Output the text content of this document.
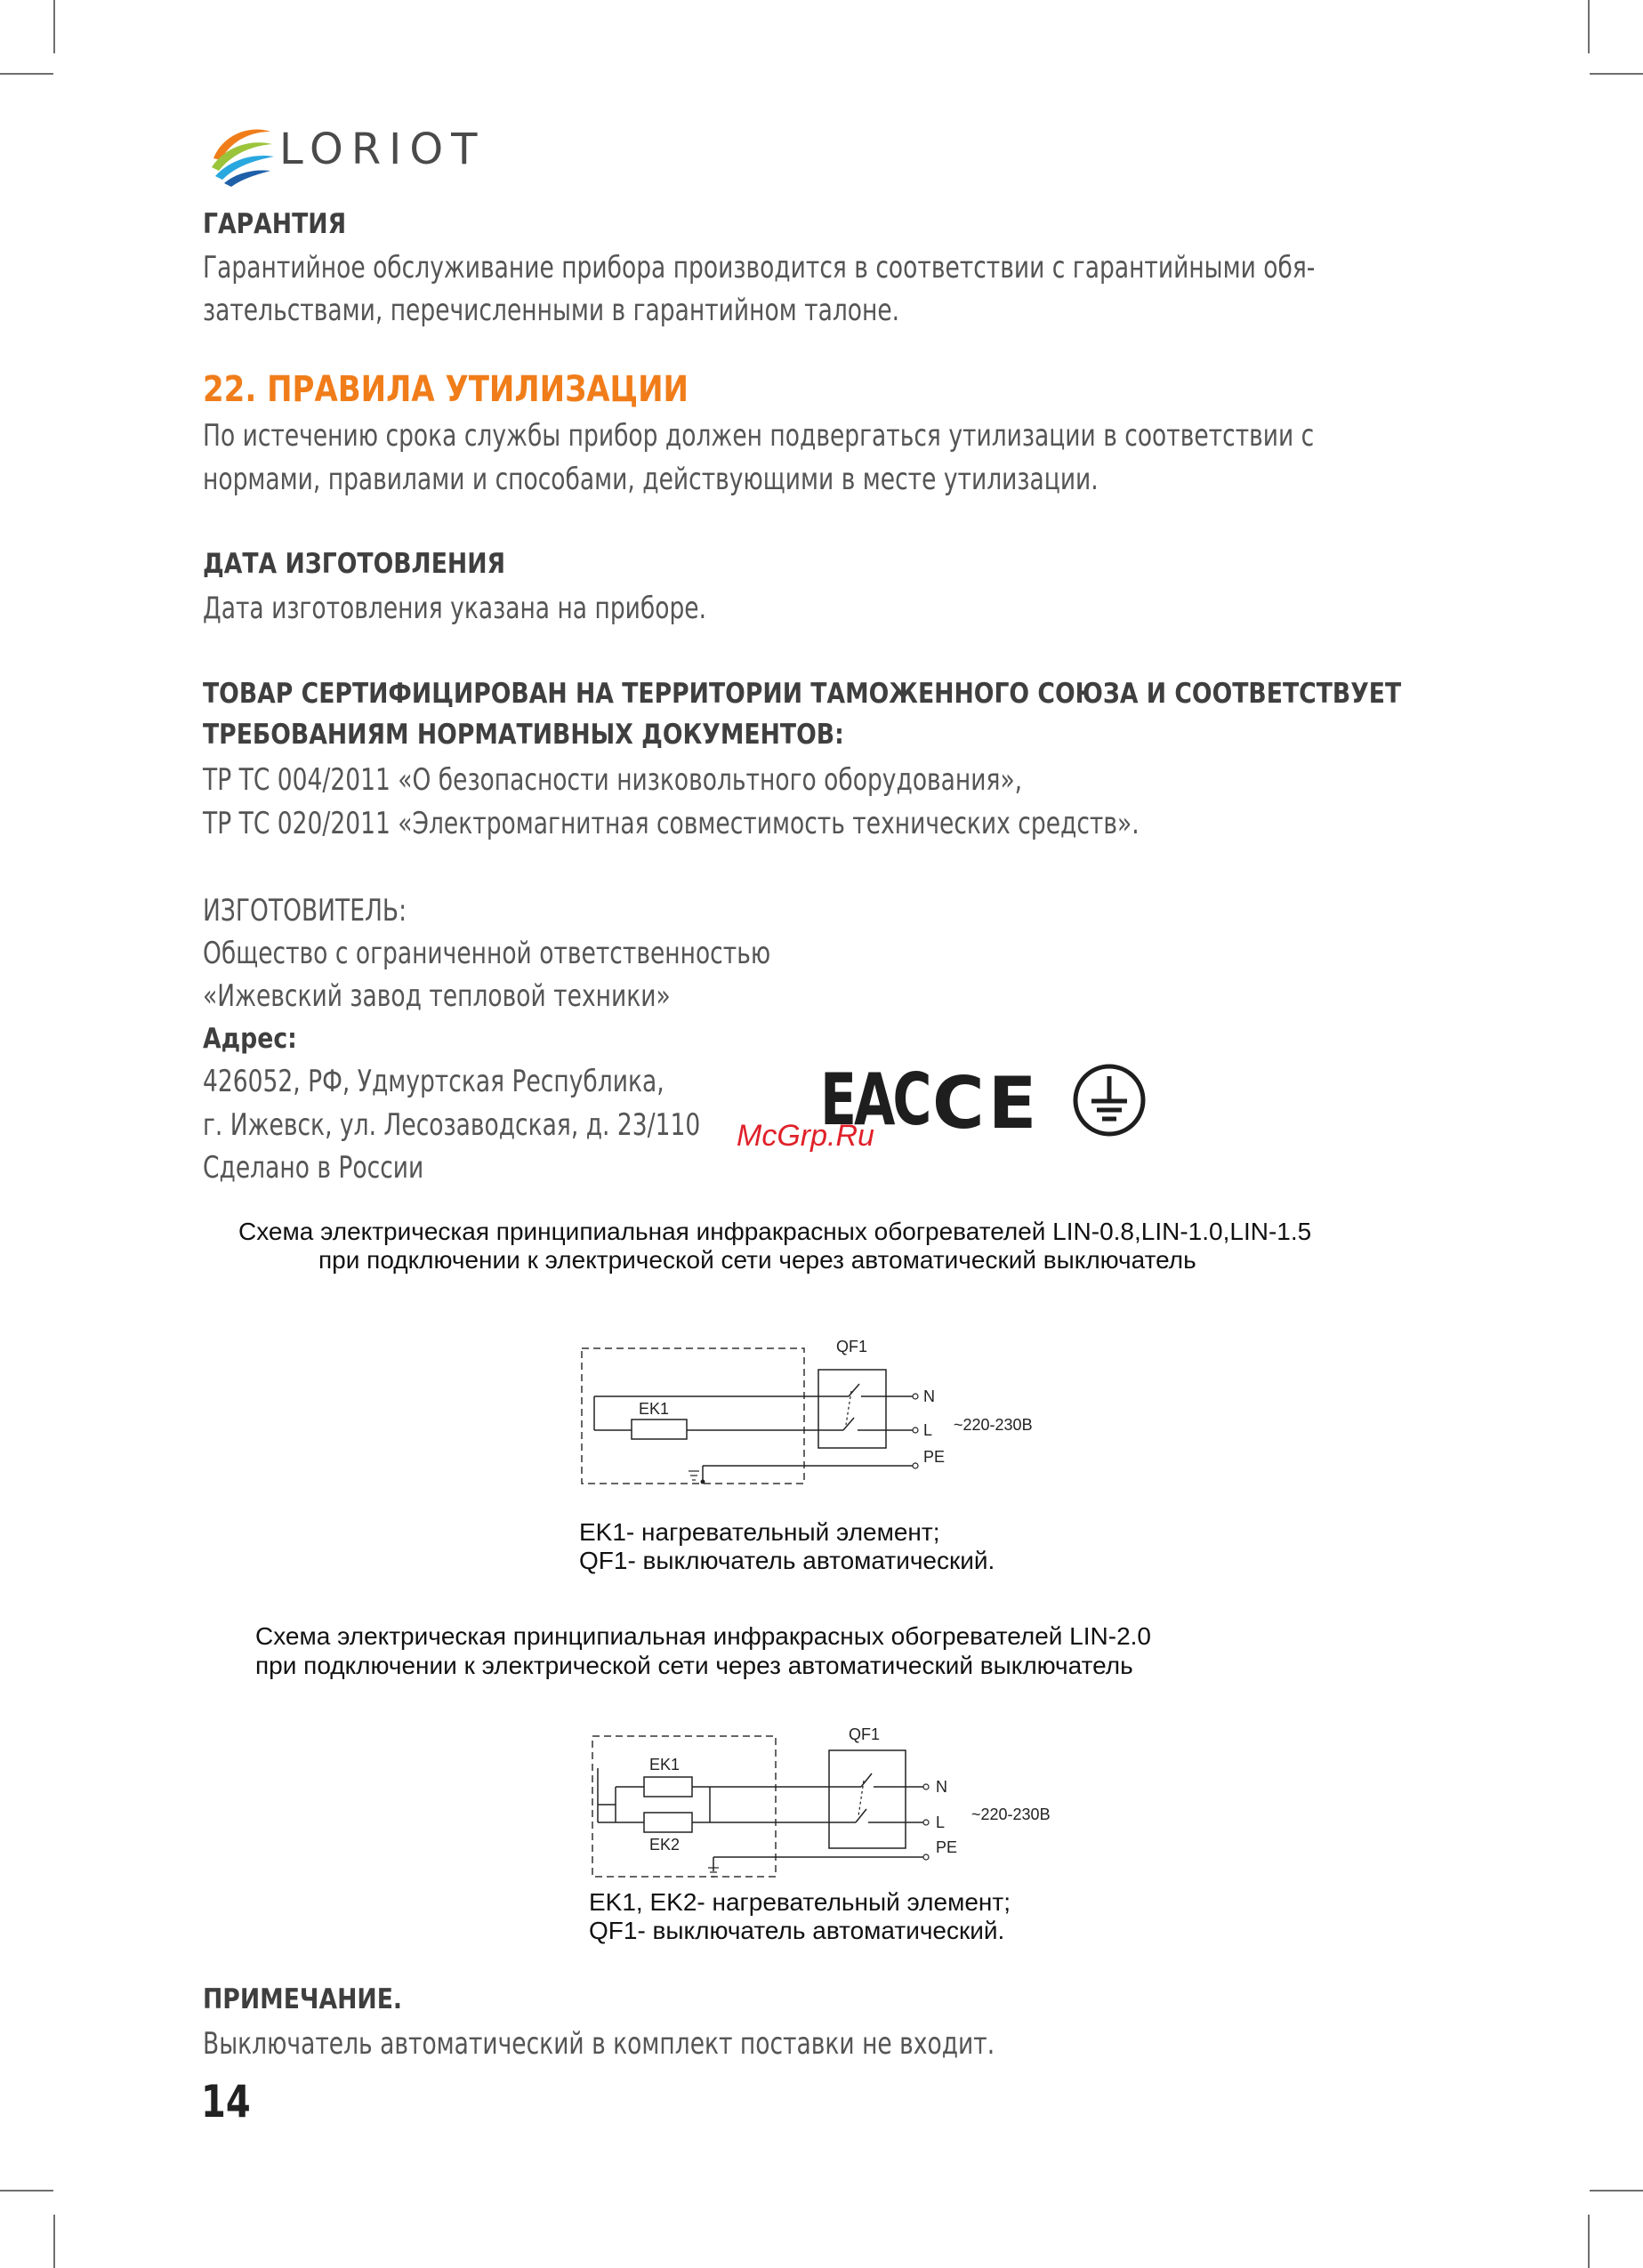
LORIOT
ГАРАНТИЯ
Гарантийное обслуживание прибора производится в соответствии с гарантийными обя-
зательствами, перечисленными в гарантийном талоне.
22. ПРАВИЛА УТИЛИЗАЦИИ
По истечению срока службы прибор должен подвергаться утилизации в соответствии с
нормами, правилами и способами, действующими в месте утилизации.
ДАТА ИЗГОТОВЛЕНИЯ
Дата изготовления указана на приборе.
ТОВАР СЕРТИФИЦИРОВАН НА ТЕРРИТОРИИ ТАМОЖЕННОГО СОЮЗА И СООТВЕТСТВУЕТ
ТРЕБОВАНИЯМ НОРМАТИВНЫХ ДОКУМЕНТОВ:
ТР ТС 004/2011 «О безопасности низковольтного оборудования»,
ТР ТС 020/2011 «Электромагнитная совместимость технических средств».
ИЗГОТОВИТЕЛЬ:
Общество с ограниченной ответственностью
«Ижевский завод тепловой техники»
Адрес:
426052, РФ, Удмуртская Республика,
г. Ижевск, ул. Лесозаводская, д. 23/110
Сделано в России
EAC CE
McGrp.Ru
Схема электрическая принципиальная инфракрасных обогревателей LIN-0.8,LIN-1.0,LIN-1.5
при подключении к электрической сети через автоматический выключатель
QF1
EK1
N
L
PE
~220-230В
EK1- нагревательный элемент;
QF1- выключатель автоматический.
Схема электрическая принципиальная инфракрасных обогревателей LIN-2.0
при подключении к электрической сети через автоматический выключатель
QF1
EK1
EK2
N
L
PE
~220-230В
EK1, EK2- нагревательный элемент;
QF1- выключатель автоматический.
ПРИМЕЧАНИЕ.
Выключатель автоматический в комплект поставки не входит.
14
